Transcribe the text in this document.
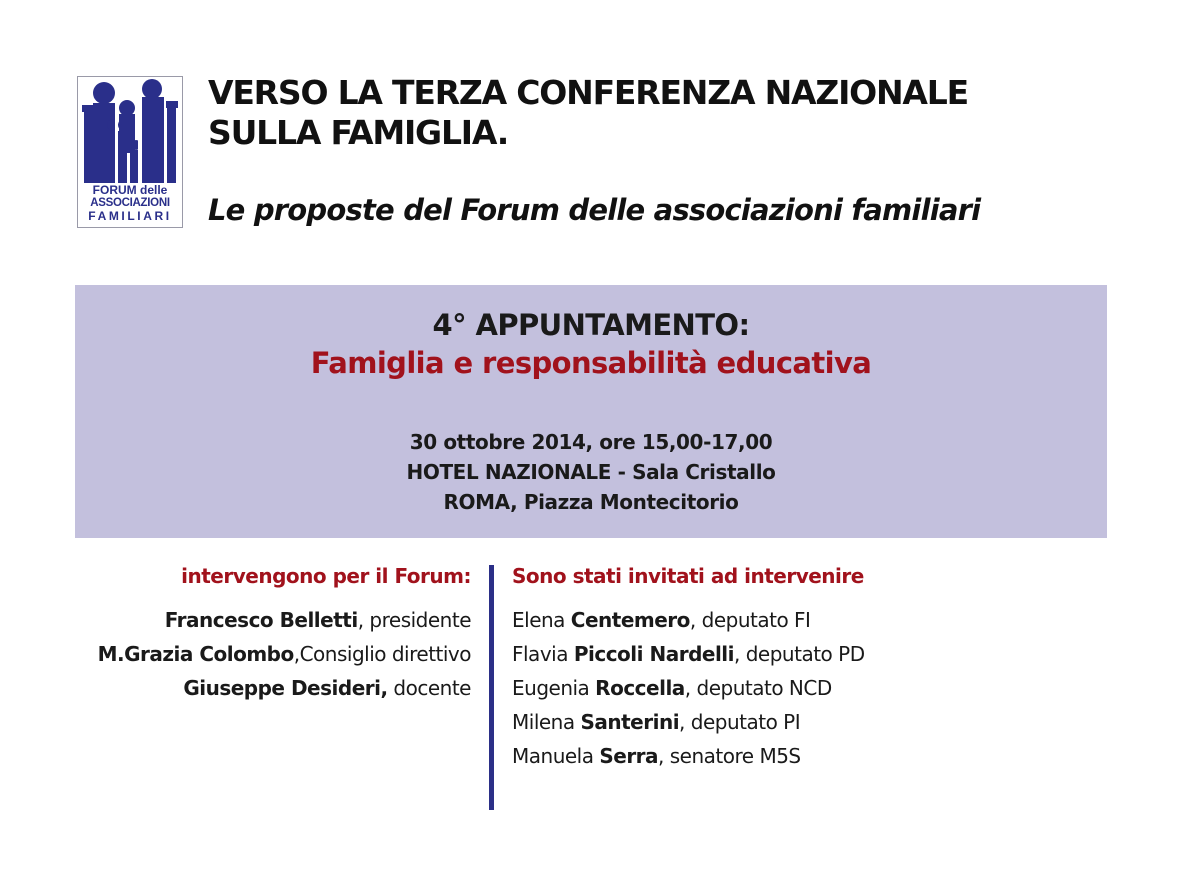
FORUM delle
ASSOCIAZIONI
FAMILIARI
VERSO LA TERZA CONFERENZA NAZIONALE
SULLA FAMIGLIA.
Le proposte del Forum delle associazioni familiari
4° APPUNTAMENTO:
Famiglia e responsabilità educativa
30 ottobre 2014, ore 15,00-17,00
HOTEL NAZIONALE - Sala Cristallo
ROMA, Piazza Montecitorio
intervengono per il Forum:
Francesco Belletti, presidente
M.Grazia Colombo,Consiglio direttivo
Giuseppe Desideri, docente
Sono stati invitati ad intervenire
Elena Centemero, deputato FI
Flavia Piccoli Nardelli, deputato PD
Eugenia Roccella, deputato NCD
Milena Santerini, deputato PI
Manuela Serra, senatore M5S
